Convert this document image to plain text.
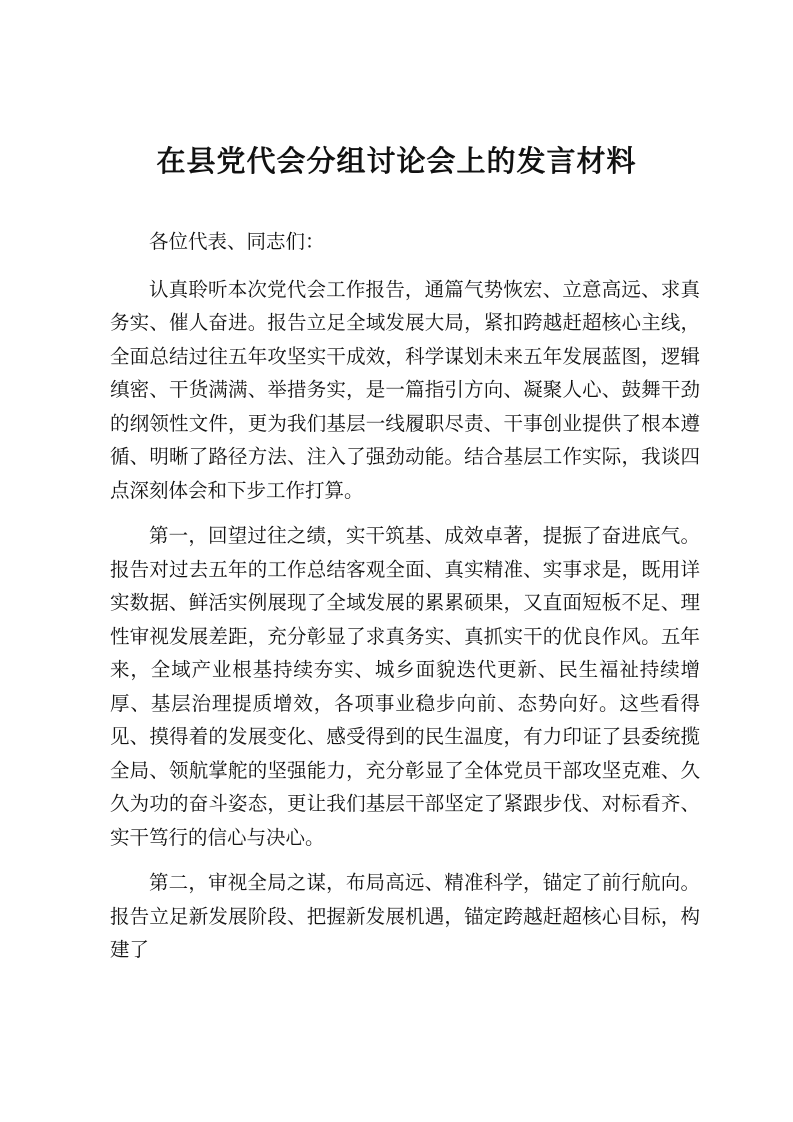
在县党代会分组讨论会上的发言材料

各位代表、同志们：

认真聆听本次党代会工作报告，通篇气势恢宏、立意高远、求真务实、催人奋进。报告立足全域发展大局，紧扣跨越赶超核心主线，全面总结过往五年攻坚实干成效，科学谋划未来五年发展蓝图，逻辑缜密、干货满满、举措务实，是一篇指引方向、凝聚人心、鼓舞干劲的纲领性文件，更为我们基层一线履职尽责、干事创业提供了根本遵循、明晰了路径方法、注入了强劲动能。结合基层工作实际，我谈四点深刻体会和下步工作打算。

第一，回望过往之绩，实干筑基、成效卓著，提振了奋进底气。报告对过去五年的工作总结客观全面、真实精准、实事求是，既用详实数据、鲜活实例展现了全域发展的累累硕果，又直面短板不足、理性审视发展差距，充分彰显了求真务实、真抓实干的优良作风。五年来，全域产业根基持续夯实、城乡面貌迭代更新、民生福祉持续增厚、基层治理提质增效，各项事业稳步向前、态势向好。这些看得见、摸得着的发展变化、感受得到的民生温度，有力印证了县委统揽全局、领航掌舵的坚强能力，充分彰显了全体党员干部攻坚克难、久久为功的奋斗姿态，更让我们基层干部坚定了紧跟步伐、对标看齐、实干笃行的信心与决心。

第二，审视全局之谋，布局高远、精准科学，锚定了前行航向。报告立足新发展阶段、把握新发展机遇，锚定跨越赶超核心目标，构建了
